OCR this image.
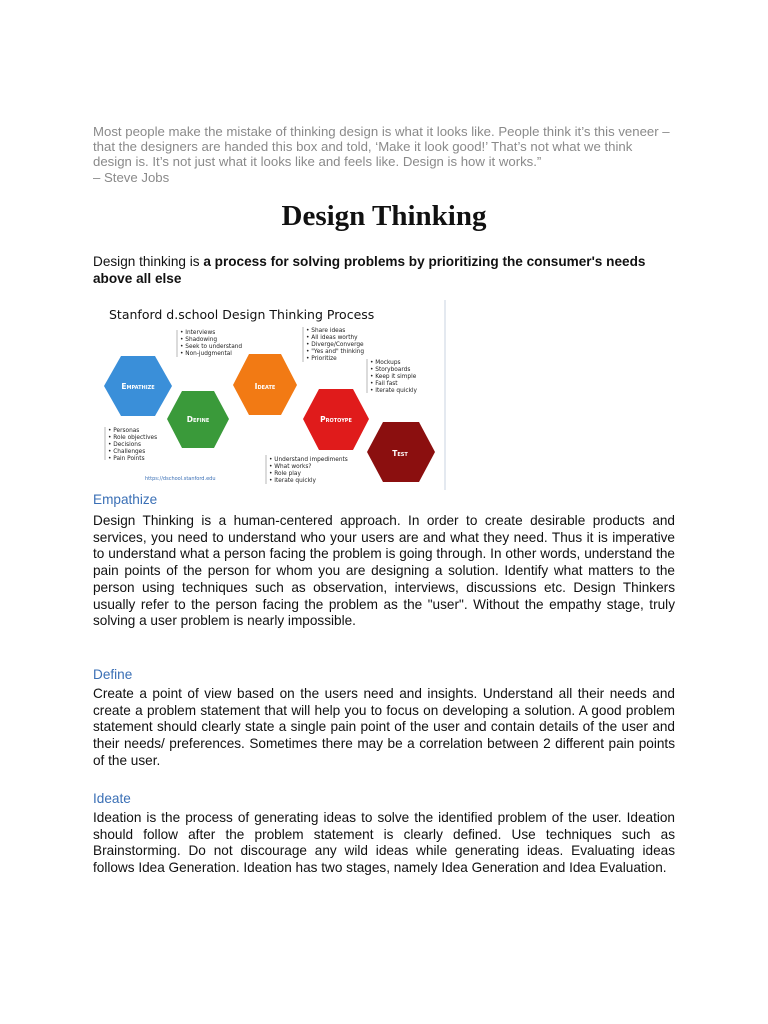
Most people make the mistake of thinking design is what it looks like. People think it’s this veneer – that the designers are handed this box and told, ‘Make it look good!’ That’s not what we think design is. It’s not just what it looks like and feels like. Design is how it works.”
– Steve Jobs
Design Thinking
Design thinking is a process for solving problems by prioritizing the consumer's needs above all else
Stanford d.school Design Thinking Process
Empathize
Define
Ideate
Protoype
Test
• Interviews
• Shadowing
• Seek to understand
• Non-judgmental
• Personas
• Role objectives
• Decisions
• Challenges
• Pain Points
• Share ideas
• All ideas worthy
• Diverge/Converge
• "Yes and" thinking
• Prioritize
• Mockups
• Storyboards
• Keep it simple
• Fail fast
• Iterate quickly
• Understand impediments
• What works?
• Role play
• Iterate quickly
https://dschool.stanford.edu
Empathize
Design Thinking is a human-centered approach. In order to create desirable products and services, you need to understand who your users are and what they need. Thus it is imperative to understand what a person facing the problem is going through. In other words, understand the pain points of the person for whom you are designing a solution. Identify what matters to the person using techniques such as observation, interviews, discussions etc. Design Thinkers usually refer to the person facing the problem as the "user". Without the empathy stage, truly solving a user problem is nearly impossible.
Define
Create a point of view based on the users need and insights. Understand all their needs and create a problem statement that will help you to focus on developing a solution. A good problem statement should clearly state a single pain point of the user and contain details of the user and their needs/ preferences. Sometimes there may be a correlation between 2 different pain points of the user.
Ideate
Ideation is the process of generating ideas to solve the identified problem of the user. Ideation should follow after the problem statement is clearly defined. Use techniques such as Brainstorming. Do not discourage any wild ideas while generating ideas. Evaluating ideas follows Idea Generation. Ideation has two stages, namely Idea Generation and Idea Evaluation.
